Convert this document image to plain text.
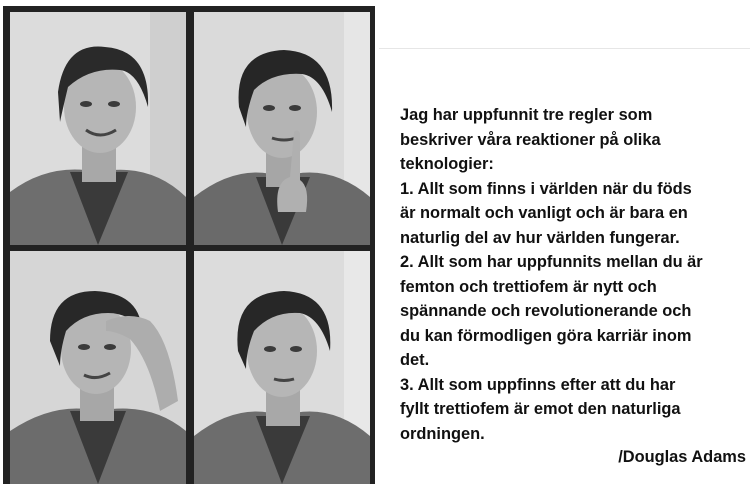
Jag har uppfunnit tre regler som
beskriver våra reaktioner på olika
teknologier:
1. Allt som finns i världen när du föds
är normalt och vanligt och är bara en
naturlig del av hur världen fungerar.
2. Allt som har uppfunnits mellan du är
femton och trettiofem är nytt och
spännande och revolutionerande och
du kan förmodligen göra karriär inom
det.
3. Allt som uppfinns efter att du har
fyllt trettiofem är emot den naturliga
ordningen.

/Douglas Adams
